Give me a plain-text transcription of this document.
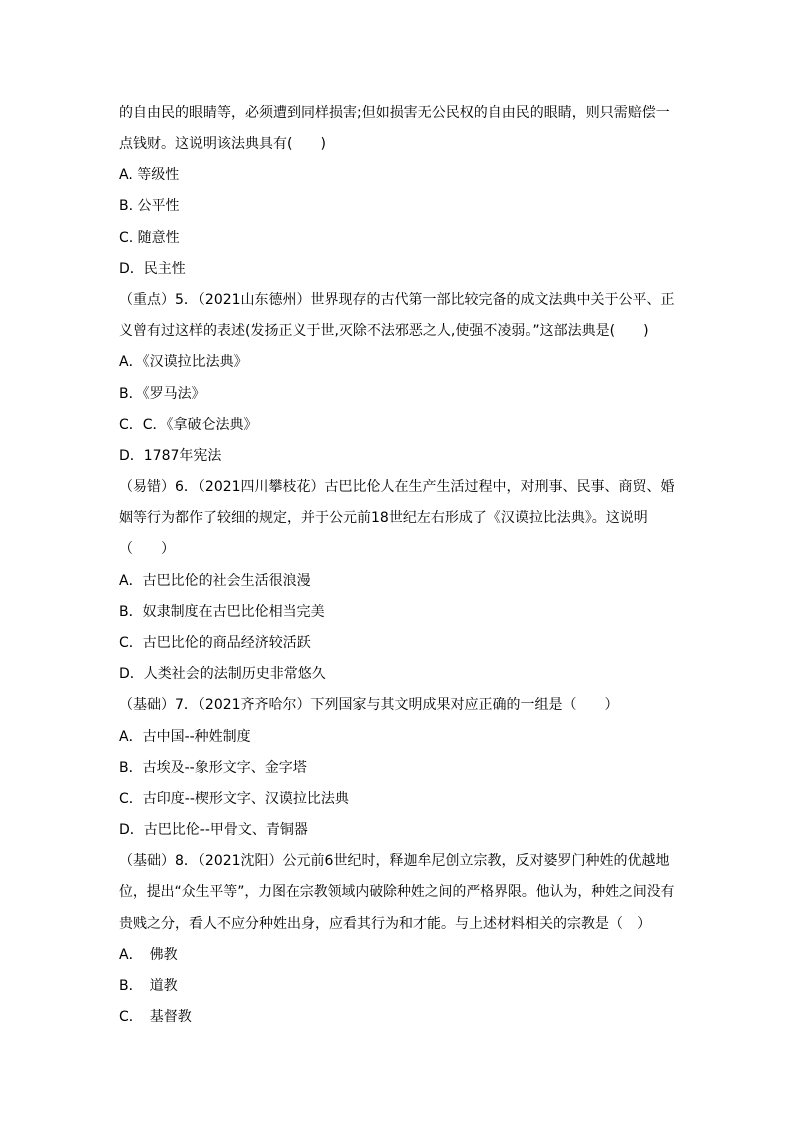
的自由民的眼睛等，必须遭到同样损害;但如损害无公民权的自由民的眼睛，则只需赔偿一
点钱财。这说明该法典具有(　　)
A. 等级性
B. 公平性
C. 随意性
D．民主性
（重点）5．（2021山东德州）世界现存的古代第一部比较完备的成文法典中关于公平、正
义曾有过这样的表述(发扬正义于世,灭除不法邪恶之人,使强不凌弱。”这部法典是(　　)
A．《汉谟拉比法典》
B．《罗马法》
C．C．《拿破仑法典》
D．1787年宪法
（易错）6．（2021四川攀枝花）古巴比伦人在生产生活过程中，对刑事、民事、商贸、婚
姻等行为都作了较细的规定，并于公元前18世纪左右形成了《汉谟拉比法典》。这说明
（　　）
A．古巴比伦的社会生活很浪漫
B．奴隶制度在古巴比伦相当完美
C．古巴比伦的商品经济较活跃
D．人类社会的法制历史非常悠久
（基础）7．（2021齐齐哈尔）下列国家与其文明成果对应正确的一组是（　　）
A．古中国--种姓制度
B．古埃及--象形文字、金字塔
C．古印度--楔形文字、汉谟拉比法典
D．古巴比伦--甲骨文、青铜器
（基础）8．（2021沈阳）公元前6世纪时，释迦牟尼创立宗教，反对婆罗门种姓的优越地
位，提出“众生平等”，力图在宗教领域内破除种姓之间的严格界限。他认为，种姓之间没有
贵贱之分，看人不应分种姓出身，应看其行为和才能。与上述材料相关的宗教是（　）
A．　佛教
B．　道教
C．　基督教
